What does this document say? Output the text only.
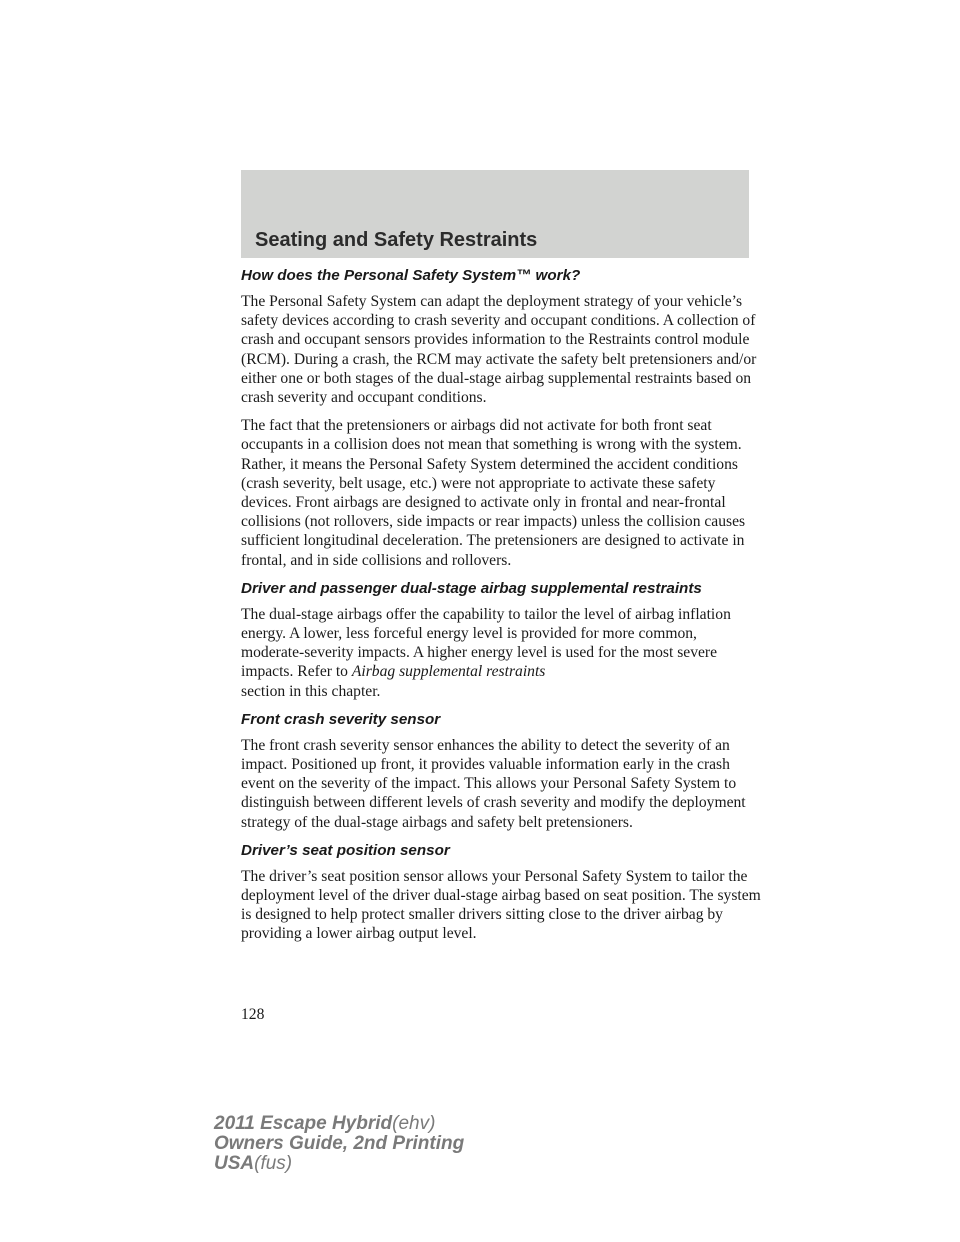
Seating and Safety Restraints
How does the Personal Safety System™ work?

The Personal Safety System can adapt the deployment strategy of your vehicle’s safety devices according to crash severity and occupant conditions. A collection of crash and occupant sensors provides information to the Restraints control module (RCM). During a crash, the RCM may activate the safety belt pretensioners and/or either one or both stages of the dual-stage airbag supplemental restraints based on crash severity and occupant conditions.

The fact that the pretensioners or airbags did not activate for both front seat occupants in a collision does not mean that something is wrong with the system. Rather, it means the Personal Safety System determined the accident conditions (crash severity, belt usage, etc.) were not appropriate to activate these safety devices. Front airbags are designed to activate only in frontal and near-frontal collisions (not rollovers, side impacts or rear impacts) unless the collision causes sufficient longitudinal deceleration. The pretensioners are designed to activate in frontal, and in side collisions and rollovers.

Driver and passenger dual-stage airbag supplemental restraints

The dual-stage airbags offer the capability to tailor the level of airbag inflation energy. A lower, less forceful energy level is provided for more common, moderate-severity impacts. A higher energy level is used for the most severe impacts. Refer to Airbag supplemental restraints
section in this chapter.

Front crash severity sensor

The front crash severity sensor enhances the ability to detect the severity of an impact. Positioned up front, it provides valuable information early in the crash event on the severity of the impact. This allows your Personal Safety System to distinguish between different levels of crash severity and modify the deployment strategy of the dual-stage airbags and safety belt pretensioners.

Driver’s seat position sensor

The driver’s seat position sensor allows your Personal Safety System to tailor the deployment level of the driver dual-stage airbag based on seat position. The system is designed to help protect smaller drivers sitting close to the driver airbag by providing a lower airbag output level.

128
2011 Escape Hybrid(ehv)
Owners Guide, 2nd Printing
USA(fus)
